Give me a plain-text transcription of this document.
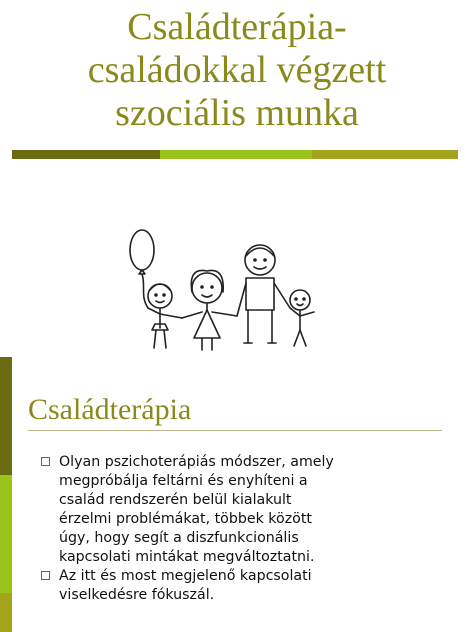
Családterápia-
családokkal végzett
szociális munka
Családterápia
Olyan pszichoterápiás módszer, amely
megpróbálja feltárni és enyhíteni a
család rendszerén belül kialakult
érzelmi problémákat, többek között
úgy, hogy segít a diszfunkcionális
kapcsolati mintákat megváltoztatni.
Az itt és most megjelenő kapcsolati
viselkedésre fókuszál.
